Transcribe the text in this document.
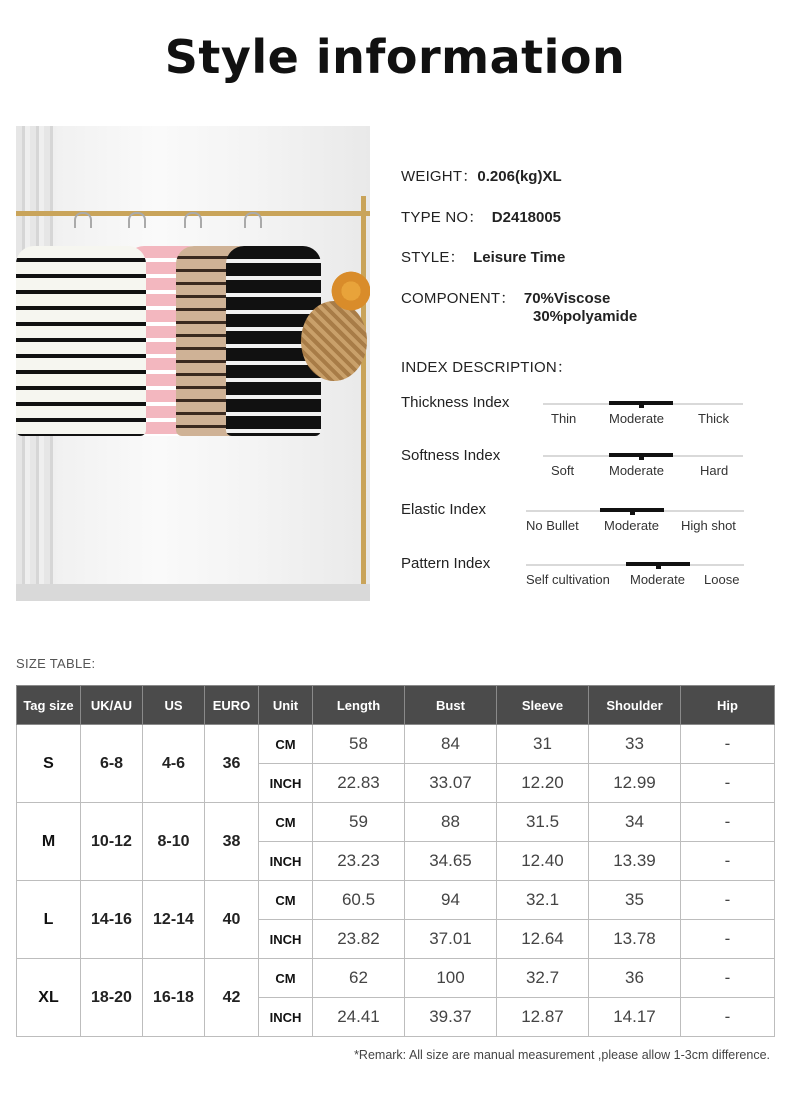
Style information
WEIGHT：0.206(kg)XL
TYPE NO： D2418005
STYLE： Leisure Time
COMPONENT： 70%Viscose
30%polyamide
INDEX DESCRIPTION：
Thickness Index
Thin	Moderate	Thick
Softness Index
Soft	Moderate	Hard
Elastic Index
No Bullet Moderate High shot
Pattern Index
Self cultivation Moderate Loose
SIZE TABLE:
Tag size	UK/AU	US	EURO	Unit	Length	Bust	Sleeve	Shoulder	Hip
S	6-8	4-6	36	CM	58	84	31	33	-
				INCH	22.83	33.07	12.20	12.99	-
M	10-12	8-10	38	CM	59	88	31.5	34	-
				INCH	23.23	34.65	12.40	13.39	-
L	14-16	12-14	40	CM	60.5	94	32.1	35	-
				INCH	23.82	37.01	12.64	13.78	-
XL	18-20	16-18	42	CM	62	100	32.7	36	-
				INCH	24.41	39.37	12.87	14.17	-
*Remark: All size are manual measurement ,please allow 1-3cm difference.
